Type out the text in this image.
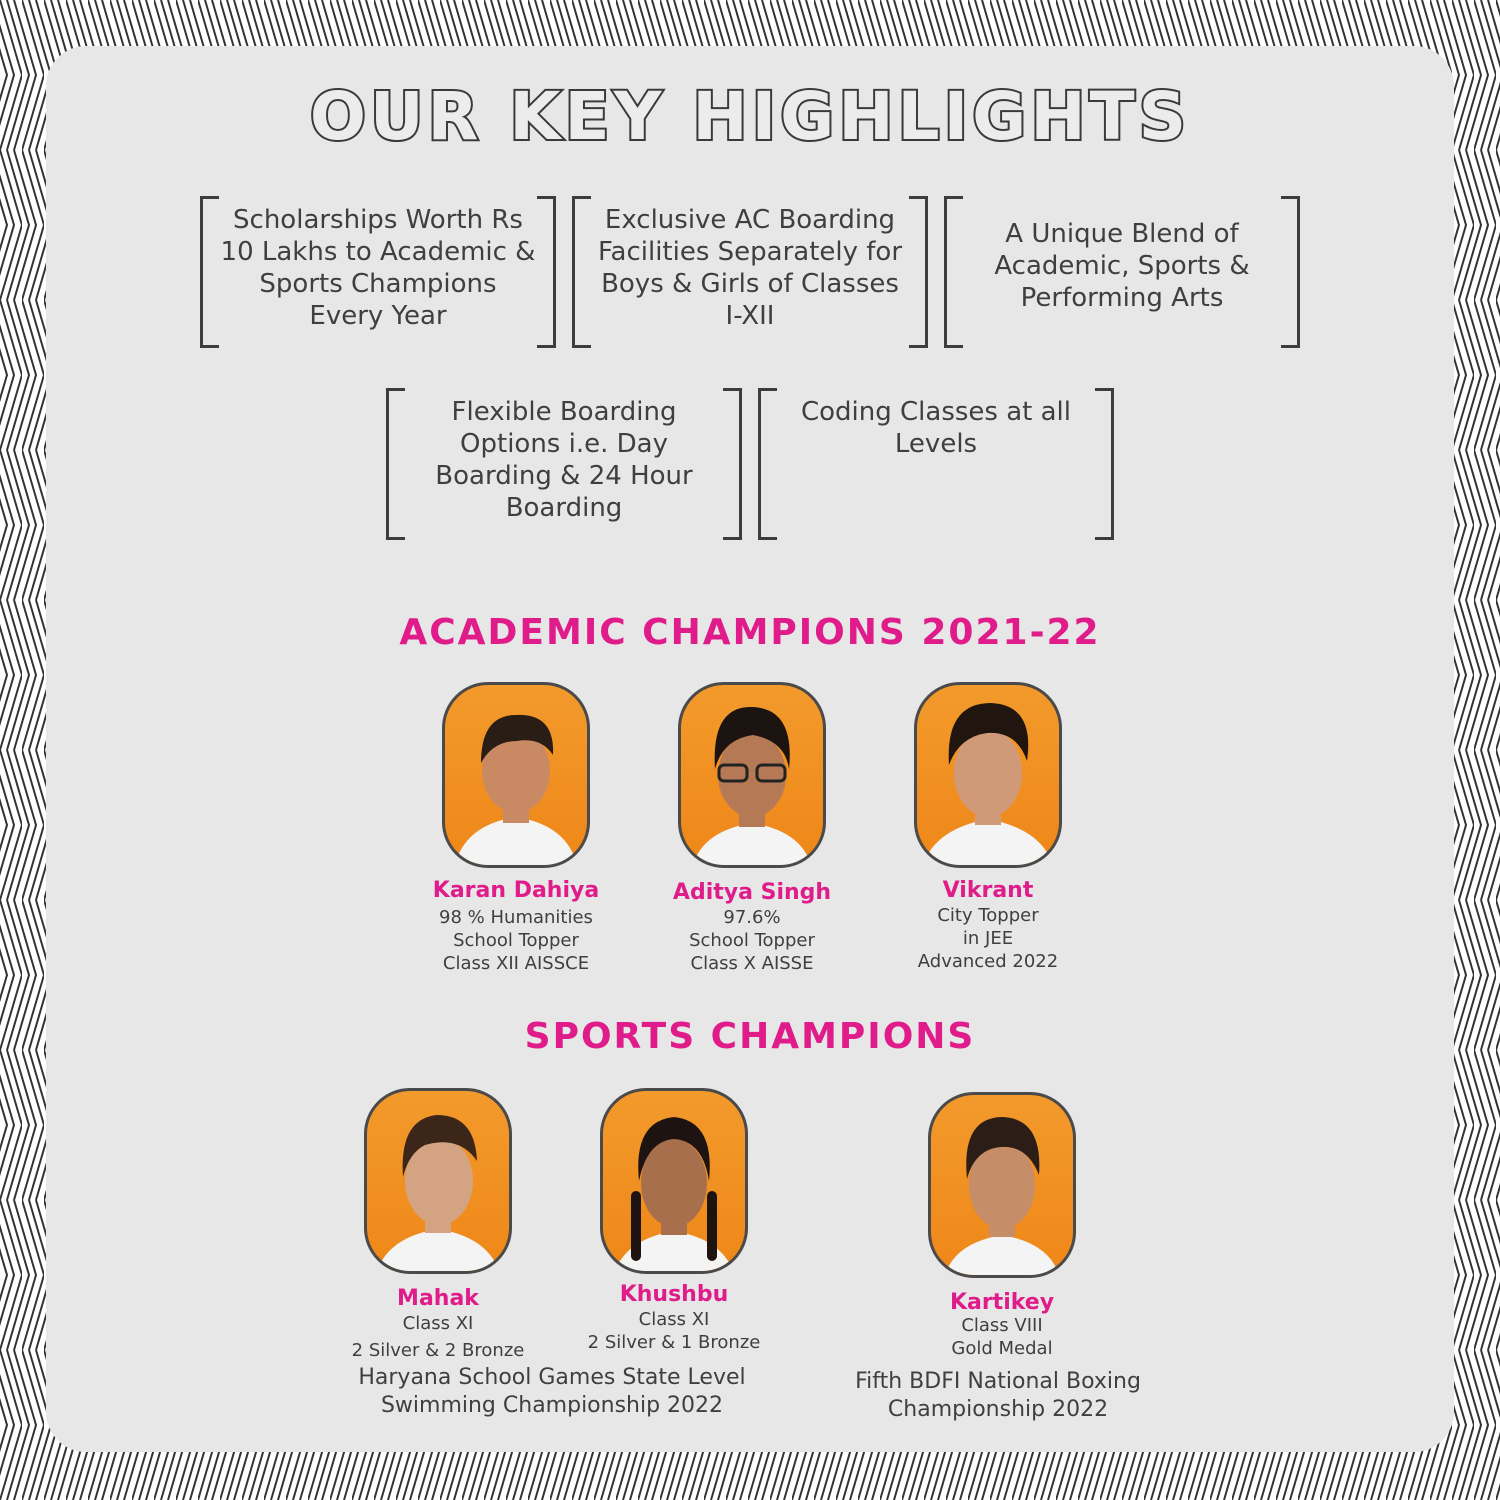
OUR KEY HIGHLIGHTS
Scholarships Worth Rs 10 Lakhs to Academic & Sports Champions Every Year
Exclusive AC Boarding Facilities Separately for Boys & Girls of Classes I-XII
A Unique Blend of Academic, Sports & Performing Arts
Flexible Boarding Options i.e. Day Boarding & 24 Hour Boarding
Coding Classes at all Levels
ACADEMIC CHAMPIONS 2021-22
Karan Dahiya
98 % Humanities
School Topper
Class XII AISSCE
Aditya Singh
97.6%
School Topper
Class X AISSE
Vikrant
City Topper
in JEE
Advanced 2022
SPORTS CHAMPIONS
Mahak
Class XI
2 Silver & 2 Bronze
Khushbu
Class XI
2 Silver & 1 Bronze
Kartikey
Class VIII
Gold Medal
Haryana School Games State Level Swimming Championship 2022
Fifth BDFI National Boxing Championship 2022
